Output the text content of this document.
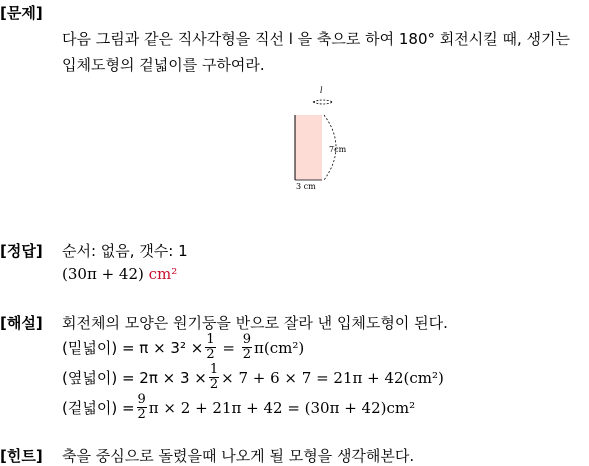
[문제]
다음 그림과 같은 직사각형을 직선 l 을 축으로 하여 180° 회전시킬 때, 생기는
입체도형의 겉넓이를 구하여라.
l
7cm
3 cm
[정답] 순서: 없음, 갯수: 1
(30π + 42) cm²
[해설] 회전체의 모양은 원기둥을 반으로 잘라 낸 입체도형이 된다.
(밑넓이) = $\pi \times 3^2 \times \frac{1}{2} = \frac{9}{2} \pi(cm^2)$
(옆넓이) = $2\pi \times 3 \times \frac{1}{2} \times 7 + 6 \times 7 = 21\pi + 42(cm^2)$
(겉넓이) = $\frac{9}{2}$ π × 2 + 21π + 42 = (30π + 42)cm²
[힌트] 축을 중심으로 돌렸을때 나오게 될 모형을 생각해본다.
